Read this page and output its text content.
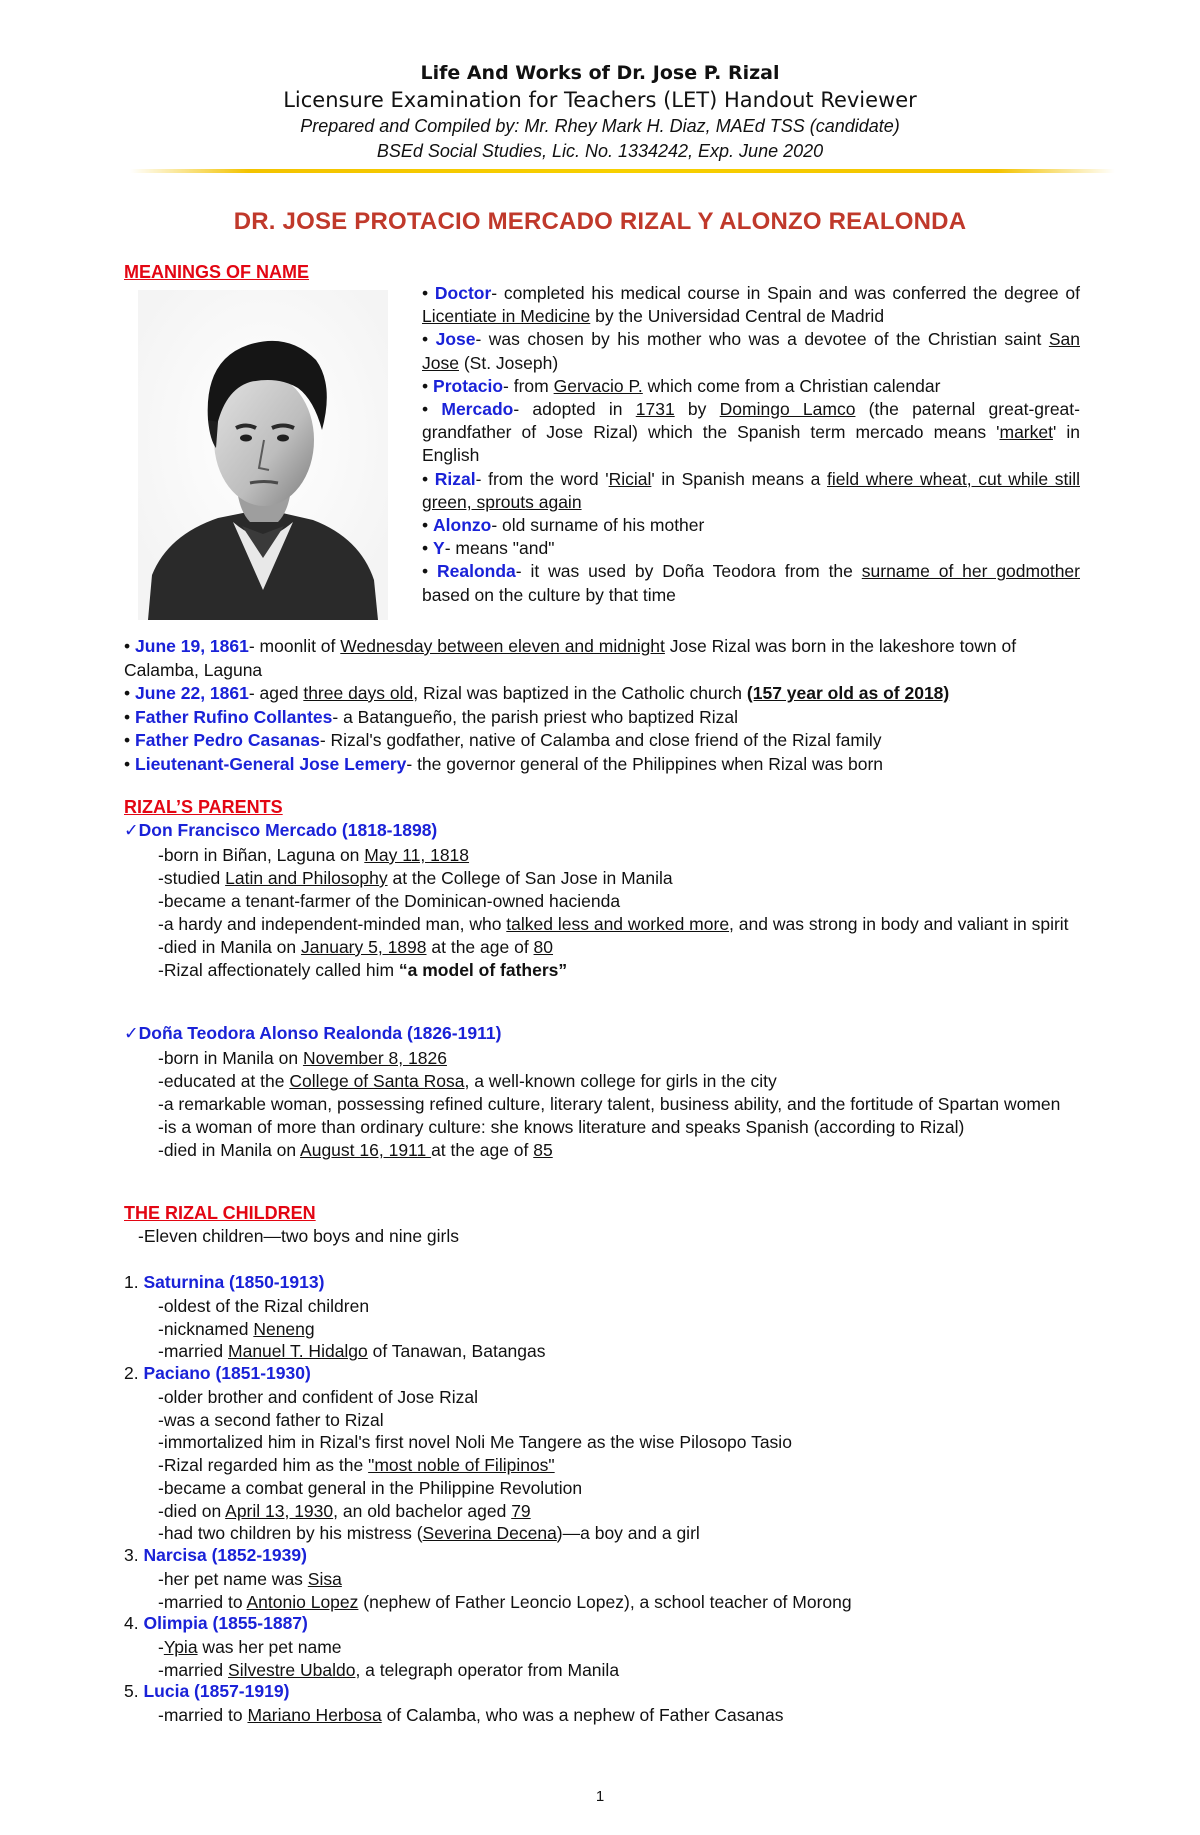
Life And Works of Dr. Jose P. Rizal
Licensure Examination for Teachers (LET) Handout Reviewer
Prepared and Compiled by: Mr. Rhey Mark H. Diaz, MAEd TSS (candidate)
BSEd Social Studies, Lic. No. 1334242, Exp. June 2020
DR. JOSE PROTACIO MERCADO RIZAL Y ALONZO REALONDA
MEANINGS OF NAME

• Doctor- completed his medical course in Spain and was conferred the degree of Licentiate in Medicine by the Universidad Central de Madrid

• Jose- was chosen by his mother who was a devotee of the Christian saint San Jose (St. Joseph)

• Protacio- from Gervacio P. which come from a Christian calendar

• Mercado- adopted in 1731 by Domingo Lamco (the paternal great-great-grandfather of Jose Rizal) which the Spanish term mercado means 'market' in English

• Rizal- from the word 'Ricial' in Spanish means a field where wheat, cut while still green, sprouts again

• Alonzo- old surname of his mother

• Y- means "and"

• Realonda- it was used by Doña Teodora from the surname of her godmother based on the culture by that time

• June 19, 1861- moonlit of Wednesday between eleven and midnight Jose Rizal was born in the lakeshore town of Calamba, Laguna

• June 22, 1861- aged three days old, Rizal was baptized in the Catholic church (157 year old as of 2018)

• Father Rufino Collantes- a Batangueño, the parish priest who baptized Rizal

• Father Pedro Casanas- Rizal's godfather, native of Calamba and close friend of the Rizal family

• Lieutenant-General Jose Lemery- the governor general of the Philippines when Rizal was born

RIZAL’S PARENTS
✓Don Francisco Mercado (1818-1898)

-born in Biñan, Laguna on May 11, 1818

-studied Latin and Philosophy at the College of San Jose in Manila

-became a tenant-farmer of the Dominican-owned hacienda

-a hardy and independent-minded man, who talked less and worked more, and was strong in body and valiant in spirit

-died in Manila on January 5, 1898 at the age of 80

-Rizal affectionately called him “a model of fathers”

✓Doña Teodora Alonso Realonda (1826-1911)

-born in Manila on November 8, 1826

-educated at the College of Santa Rosa, a well-known college for girls in the city

-a remarkable woman, possessing refined culture, literary talent, business ability, and the fortitude of Spartan women

-is a woman of more than ordinary culture: she knows literature and speaks Spanish (according to Rizal)

-died in Manila on August 16, 1911 at the age of 85

THE RIZAL CHILDREN
-Eleven children—two boys and nine girls
1. Saturnina (1850-1913)

-oldest of the Rizal children

-nicknamed Neneng

-married Manuel T. Hidalgo of Tanawan, Batangas

2. Paciano (1851-1930)

-older brother and confident of Jose Rizal

-was a second father to Rizal

-immortalized him in Rizal's first novel Noli Me Tangere as the wise Pilosopo Tasio

-Rizal regarded him as the "most noble of Filipinos"

-became a combat general in the Philippine Revolution

-died on April 13, 1930, an old bachelor aged 79

-had two children by his mistress (Severina Decena)—a boy and a girl

3. Narcisa (1852-1939)

-her pet name was Sisa

-married to Antonio Lopez (nephew of Father Leoncio Lopez), a school teacher of Morong

4. Olimpia (1855-1887)

-Ypia was her pet name

-married Silvestre Ubaldo, a telegraph operator from Manila

5. Lucia (1857-1919)

-married to Mariano Herbosa of Calamba, who was a nephew of Father Casanas

1
